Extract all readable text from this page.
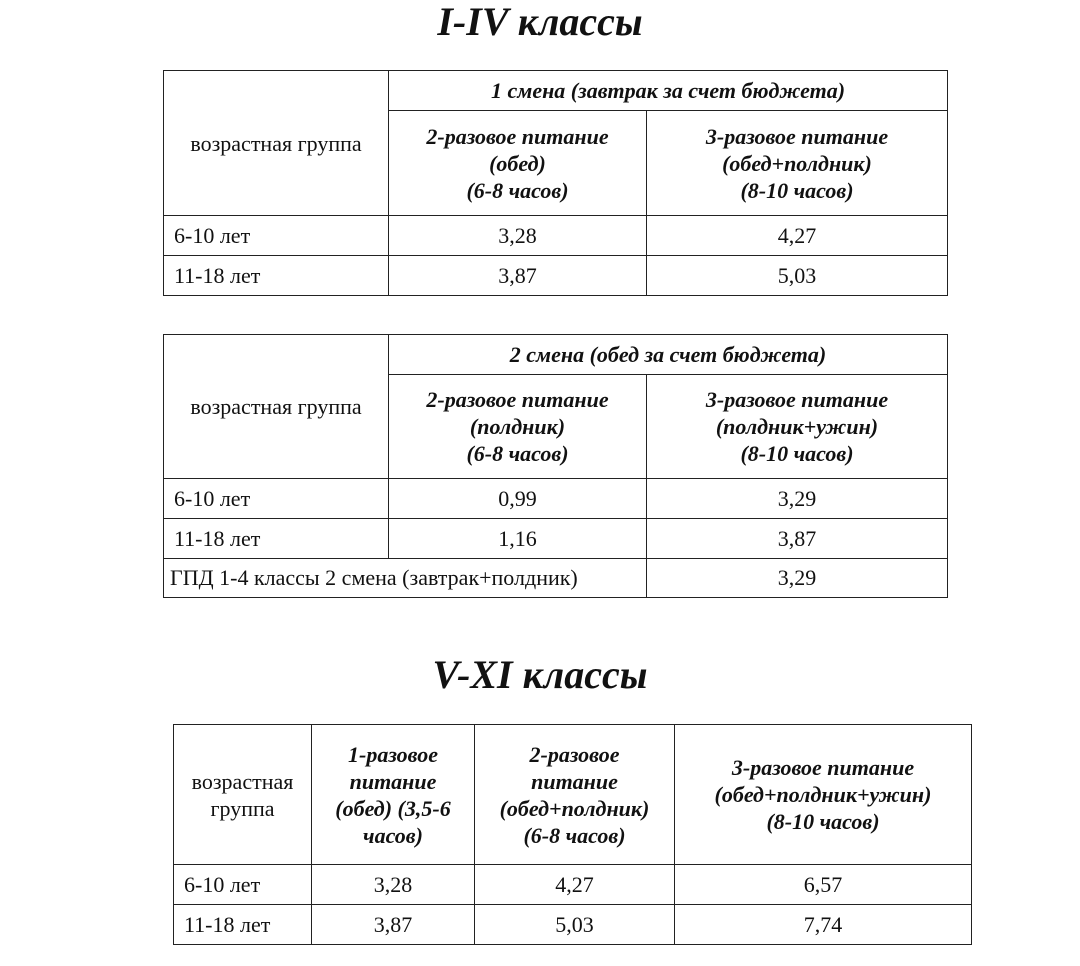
I-IV классы
возрастная группа	1 смена (завтрак за счет бюджета)	

	2-разовое питание
(обед)
(6-8 часов)	3-разовое питание
(обед+полдник)
(8-10 часов)

6-10 лет	3,28	4,27
11-18 лет	3,87	5,03
возрастная группа	2 смена (обед за счет бюджета)	

	2-разовое питание
(полдник)
(6-8 часов)	3-разовое питание
(полдник+ужин)
(8-10 часов)

6-10 лет	0,99	3,29
11-18 лет	1,16	3,87
ГПД 1-4 классы 2 смена (завтрак+полдник)		3,29
V-XI классы
возрастная
группа	1-разовое
питание
(обед) (3,5-6
часов)	2-разовое
питание
(обед+полдник)
(6-8 часов)	3-разовое питание
(обед+полдник+ужин)
(8-10 часов)

6-10 лет	3,28	4,27	6,57
11-18 лет	3,87	5,03	7,74
